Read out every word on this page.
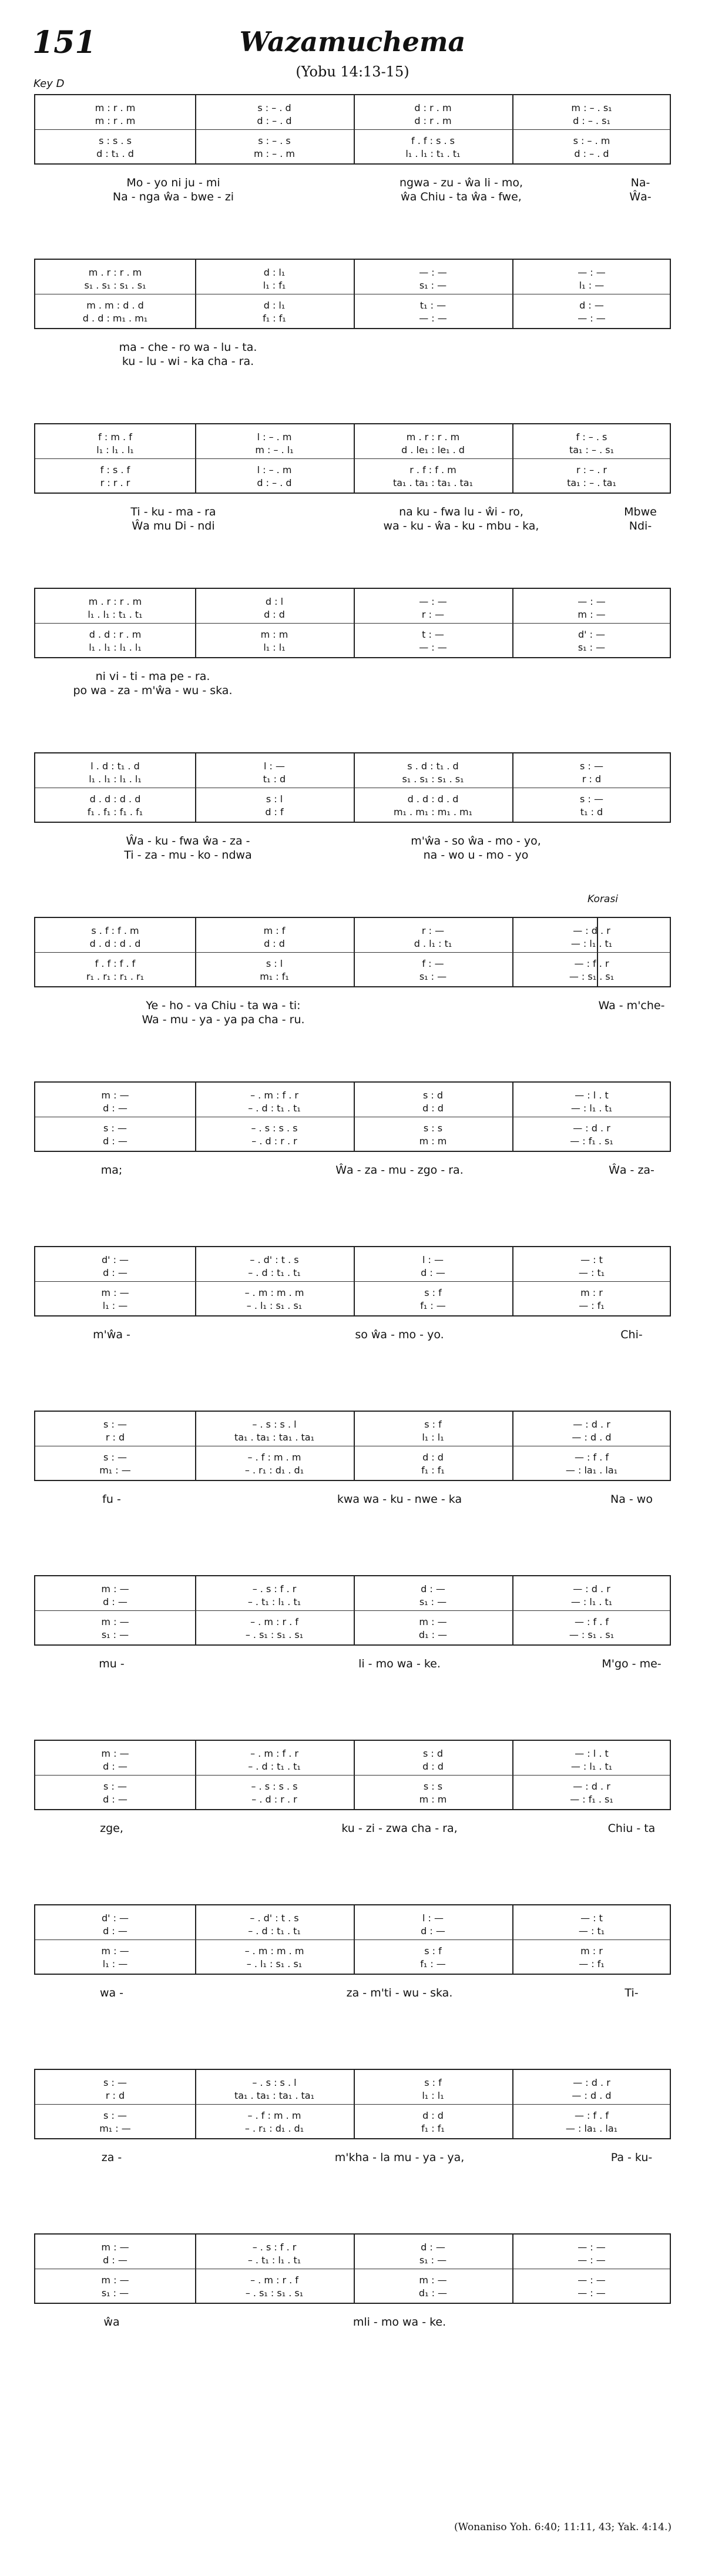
151	Wazamuchema
(Yobu 14:13-15)
Key D
m : r . m	s : – . d	d : r . m	m : – . s₁
m : r . m	d : – . d	d : r . m	d : – . s₁
s : s . s	s : – . s	f . f : s . s	s : – . m
d : t₁ . d	m : – . m	l₁ . l₁ : t₁ . t₁	d : – . d
Mo - yo ni ju - mi	ngwa - zu - ŵa li - mo,	Na-
Na - nga ŵa - bwe - zi	ŵa Chiu - ta ŵa - fwe,	Ŵa-
m . r : r . m	d : l₁	— : —	— : —
s₁ . s₁ : s₁ . s₁	l₁ : f₁	s₁ : —	l₁ : —
m . m : d . d	d : l₁	t₁ : —	d : —
d . d : m₁ . m₁	f₁ : f₁	— : —	— : —
ma - che - ro wa - lu - ta.
ku - lu - wi - ka cha - ra.
f : m . f	l : – . m	m . r : r . m	f : – . s
l₁ : l₁ . l₁	m : – . l₁	d . le₁ : le₁ . d	ta₁ : – . s₁
f : s . f	l : – . m	r . f : f . m	r : – . r
r : r . r	d : – . d	ta₁ . ta₁ : ta₁ . ta₁	ta₁ : – . ta₁
Ti - ku - ma - ra	na ku - fwa lu - ŵi - ro,	Mbwe
Ŵa mu Di - ndi	wa - ku - ŵa - ku - mbu - ka,	Ndi-
m . r : r . m	d : l	— : —	— : —
l₁ . l₁ : t₁ . t₁	d : d	r : —	m : —
d . d : r . m	m : m	t : —	d' : —
l₁ . l₁ : l₁ . l₁	l₁ : l₁	— : —	s₁ : —
ni vi - ti - ma pe - ra.
po wa - za - m'ŵa - wu - ska.
l . d : t₁ . d	l : —	s . d : t₁ . d	s : —
l₁ . l₁ : l₁ . l₁	t₁ : d	s₁ . s₁ : s₁ . s₁	r : d
d . d : d . d	s : l	d . d : d . d	s : —
f₁ . f₁ : f₁ . f₁	d : f	m₁ . m₁ : m₁ . m₁	t₁ : d
Ŵa - ku - fwa ŵa - za -	m'ŵa - so ŵa - mo - yo,
Ti - za - mu - ko - ndwa	na - wo u - mo - yo
s . f : f . m	m : f	r : —	— : d . r
d . d : d . d	d : d	d . l₁ : t₁	— : l₁ . t₁
f . f : f . f	s : l	f : —	— : f . r
r₁ . r₁ : r₁ . r₁	m₁ : f₁	s₁ : —	— : s₁ . s₁
Ye - ho - va Chiu - ta wa - ti:	Wa - m'che-
Wa - mu - ya - ya pa cha - ru.
m : —	– . m : f . r	s : d	— : l . t
d : —	– . d : t₁ . t₁	d : d	— : l₁ . t₁
s : —	– . s : s . s	s : s	— : d . r
d : —	– . d : r . r	m : m	— : f₁ . s₁
ma;	Ŵa - za - mu - zgo - ra.	Ŵa - za-
d' : —	– . d' : t . s	l : —	— : t
d : —	– . d : t₁ . t₁	d : —	— : t₁
m : —	– . m : m . m	s : f	m : r
l₁ : —	– . l₁ : s₁ . s₁	f₁ : —	— : f₁
m'ŵa -	so ŵa - mo - yo.	Chi-
s : —	– . s : s . l	s : f	— : d . r
r : d	ta₁ . ta₁ : ta₁ . ta₁	l₁ : l₁	— : d . d
s : —	– . f : m . m	d : d	— : f . f
m₁ : —	– . r₁ : d₁ . d₁	f₁ : f₁	— : la₁ . la₁
fu -	kwa wa - ku - nwe - ka	Na - wo
m : —	– . s : f . r	d : —	— : d . r
d : —	– . t₁ : l₁ . t₁	s₁ : —	— : l₁ . t₁
m : —	– . m : r . f	m : —	— : f . f
s₁ : —	– . s₁ : s₁ . s₁	d₁ : —	— : s₁ . s₁
mu -	li - mo wa - ke.	M'go - me-
m : —	– . m : f . r	s : d	— : l . t
d : —	– . d : t₁ . t₁	d : d	— : l₁ . t₁
s : —	– . s : s . s	s : s	— : d . r
d : —	– . d : r . r	m : m	— : f₁ . s₁
zge,	ku - zi - zwa cha - ra,	Chiu - ta
d' : —	– . d' : t . s	l : —	— : t
d : —	– . d : t₁ . t₁	d : —	— : t₁
m : —	– . m : m . m	s : f	m : r
l₁ : —	– . l₁ : s₁ . s₁	f₁ : —	— : f₁
wa -	za - m'ti - wu - ska.	Ti-
s : —	– . s : s . l	s : f	— : d . r
r : d	ta₁ . ta₁ : ta₁ . ta₁	l₁ : l₁	— : d . d
s : —	– . f : m . m	d : d	— : f . f
m₁ : —	– . r₁ : d₁ . d₁	f₁ : f₁	— : la₁ . la₁
za -	m'kha - la mu - ya - ya,	Pa - ku-
m : —	– . s : f . r	d : —	— : —
d : —	– . t₁ : l₁ . t₁	s₁ : —	— : —
m : —	– . m : r . f	m : —	— : —
s₁ : —	– . s₁ : s₁ . s₁	d₁ : —	— : —
ŵa	mli - mo wa - ke.
Korasi
(Wonaniso Yoh. 6:40; 11:11, 43; Yak. 4:14.)
